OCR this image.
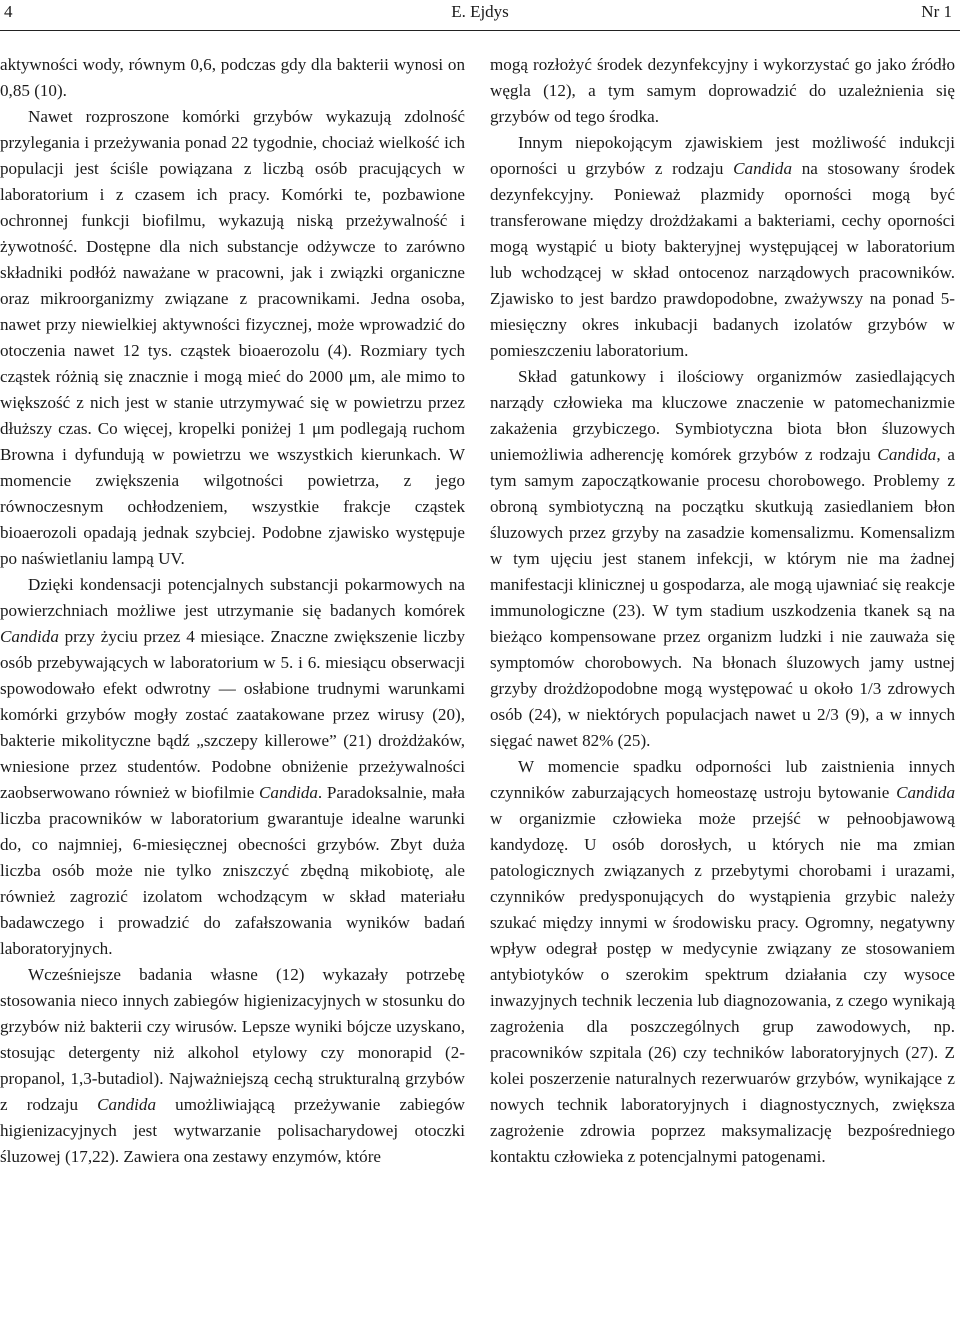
4	E. Ejdys	Nr 1

aktywności wody, równym 0,6, podczas gdy dla bakterii wynosi on 0,85 (10).

Nawet rozproszone komórki grzybów wykazują zdolność przylegania i przeżywania ponad 22 tygodnie, chociaż wielkość ich populacji jest ściśle powiązana z liczbą osób pracujących w laboratorium i z czasem ich pracy. Komórki te, pozbawione ochronnej funkcji biofilmu, wykazują niską przeżywalność i żywotność. Dostępne dla nich substancje odżywcze to zarówno składniki podłóż naważane w pracowni, jak i związki organiczne oraz mikroorganizmy związane z pracownikami. Jedna osoba, nawet przy niewielkiej aktywności fizycznej, może wprowadzić do otoczenia nawet 12 tys. cząstek bioaerozolu (4). Rozmiary tych cząstek różnią się znacznie i mogą mieć do 2000 μm, ale mimo to większość z nich jest w stanie utrzymywać się w powietrzu przez dłuższy czas. Co więcej, kropelki poniżej 1 μm podlegają ruchom Browna i dyfundują w powietrzu we wszystkich kierunkach. W momencie zwiększenia wilgotności powietrza, z jego równoczesnym ochłodzeniem, wszystkie frakcje cząstek bioaerozoli opadają jednak szybciej. Podobne zjawisko występuje po naświetlaniu lampą UV.

Dzięki kondensacji potencjalnych substancji pokarmowych na powierzchniach możliwe jest utrzymanie się badanych komórek Candida przy życiu przez 4 miesiące. Znaczne zwiększenie liczby osób przebywających w laboratorium w 5. i 6. miesiącu obserwacji spowodowało efekt odwrotny — osłabione trudnymi warunkami komórki grzybów mogły zostać zaatakowane przez wirusy (20), bakterie mikolityczne bądź „szczepy killerowe” (21) drożdżaków, wniesione przez studentów. Podobne obniżenie przeżywalności zaobserwowano również w biofilmie Candida. Paradoksalnie, mała liczba pracowników w laboratorium gwarantuje idealne warunki do, co najmniej, 6-miesięcznej obecności grzybów. Zbyt duża liczba osób może nie tylko zniszczyć zbędną mikobiotę, ale również zagrozić izolatom wchodzącym w skład materiału badawczego i prowadzić do zafałszowania wyników badań laboratoryjnych.

Wcześniejsze badania własne (12) wykazały potrzebę stosowania nieco innych zabiegów higienizacyjnych w stosunku do grzybów niż bakterii czy wirusów. Lepsze wyniki bójcze uzyskano, stosując detergenty niż alkohol etylowy czy monorapid (2-propanol, 1,3-butadiol). Najważniejszą cechą strukturalną grzybów z rodzaju Candida umożliwiającą przeżywanie zabiegów higienizacyjnych jest wytwarzanie polisacharydowej otoczki śluzowej (17,22). Zawiera ona zestawy enzymów, które

mogą rozłożyć środek dezynfekcyjny i wykorzystać go jako źródło węgla (12), a tym samym doprowadzić do uzależnienia się grzybów od tego środka.

Innym niepokojącym zjawiskiem jest możliwość indukcji oporności u grzybów z rodzaju Candida na stosowany środek dezynfekcyjny. Ponieważ plazmidy oporności mogą być transferowane między drożdżakami a bakteriami, cechy oporności mogą wystąpić u bioty bakteryjnej występującej w laboratorium lub wchodzącej w skład ontocenoz narządowych pracowników. Zjawisko to jest bardzo prawdopodobne, zważywszy na ponad 5-miesięczny okres inkubacji badanych izolatów grzybów w pomieszczeniu laboratorium.

Skład gatunkowy i ilościowy organizmów zasiedlających narządy człowieka ma kluczowe znaczenie w patomechanizmie zakażenia grzybiczego. Symbiotyczna biota błon śluzowych uniemożliwia adherencję komórek grzybów z rodzaju Candida, a tym samym zapoczątkowanie procesu chorobowego. Problemy z obroną symbiotyczną na początku skutkują zasiedlaniem błon śluzowych przez grzyby na zasadzie komensalizmu. Komensalizm w tym ujęciu jest stanem infekcji, w którym nie ma żadnej manifestacji klinicznej u gospodarza, ale mogą ujawniać się reakcje immunologiczne (23). W tym stadium uszkodzenia tkanek są na bieżąco kompensowane przez organizm ludzki i nie zauważa się symptomów chorobowych. Na błonach śluzowych jamy ustnej grzyby drożdżopodobne mogą występować u około 1/3 zdrowych osób (24), w niektórych populacjach nawet u 2/3 (9), a w innych sięgać nawet 82% (25).

W momencie spadku odporności lub zaistnienia innych czynników zaburzających homeostazę ustroju bytowanie Candida w organizmie człowieka może przejść w pełnoobjawową kandydozę. U osób dorosłych, u których nie ma zmian patologicznych związanych z przebytymi chorobami i urazami, czynników predysponujących do wystąpienia grzybic należy szukać między innymi w środowisku pracy. Ogromny, negatywny wpływ odegrał postęp w medycynie związany ze stosowaniem antybiotyków o szerokim spektrum działania czy wysoce inwazyjnych technik leczenia lub diagnozowania, z czego wynikają zagrożenia dla poszczególnych grup zawodowych, np. pracowników szpitala (26) czy techników laboratoryjnych (27). Z kolei poszerzenie naturalnych rezerwuarów grzybów, wynikające z nowych technik laboratoryjnych i diagnostycznych, zwiększa zagrożenie zdrowia poprzez maksymalizację bezpośredniego kontaktu człowieka z potencjalnymi patogenami.
